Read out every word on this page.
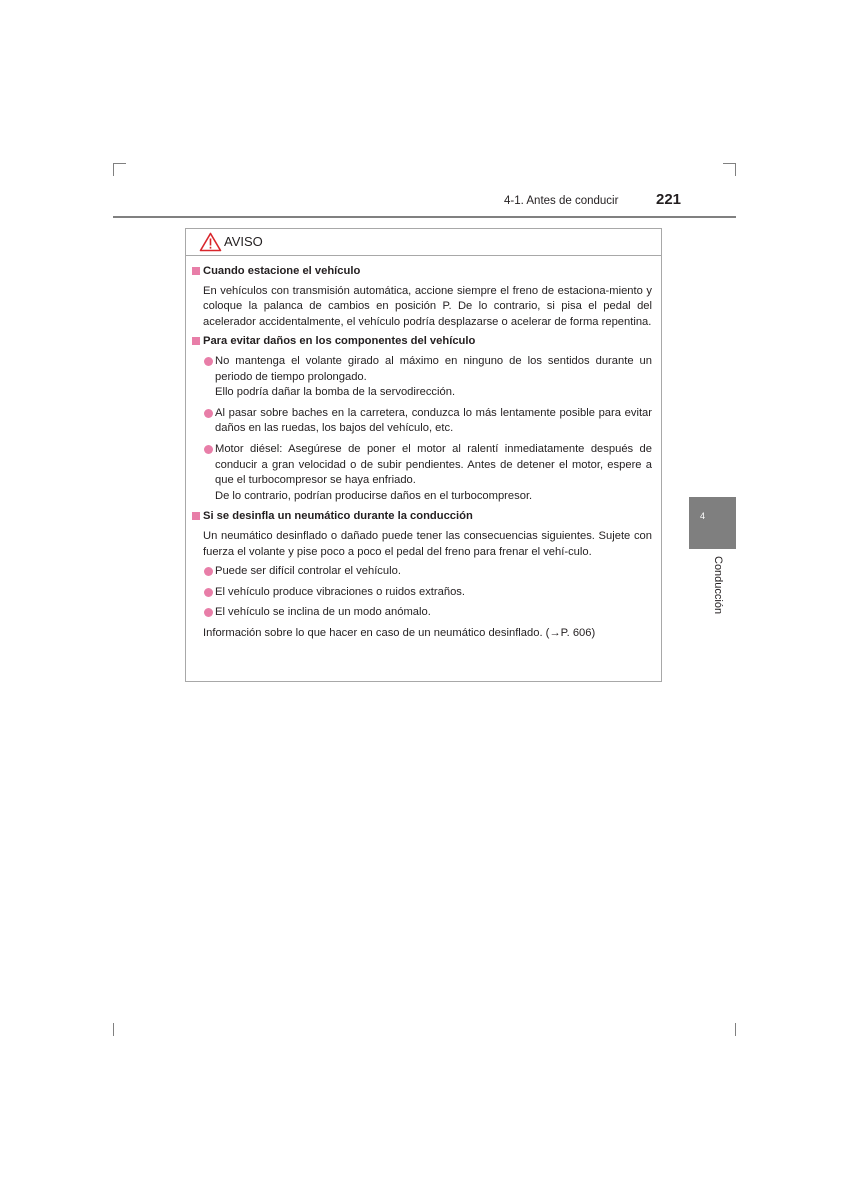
4-1. Antes de conducir	221
AVISO
Cuando estacione el vehículo
En vehículos con transmisión automática, accione siempre el freno de estaciona-miento y coloque la palanca de cambios en posición P. De lo contrario, si pisa el pedal del acelerador accidentalmente, el vehículo podría desplazarse o acelerar de forma repentina.
Para evitar daños en los componentes del vehículo
No mantenga el volante girado al máximo en ninguno de los sentidos durante un periodo de tiempo prolongado.
Ello podría dañar la bomba de la servodirección.
Al pasar sobre baches en la carretera, conduzca lo más lentamente posible para evitar daños en las ruedas, los bajos del vehículo, etc.
Motor diésel: Asegúrese de poner el motor al ralentí inmediatamente después de conducir a gran velocidad o de subir pendientes. Antes de detener el motor, espere a que el turbocompresor se haya enfriado.
De lo contrario, podrían producirse daños en el turbocompresor.
Si se desinfla un neumático durante la conducción
Un neumático desinflado o dañado puede tener las consecuencias siguientes. Sujete con fuerza el volante y pise poco a poco el pedal del freno para frenar el vehí-culo.
Puede ser difícil controlar el vehículo.
El vehículo produce vibraciones o ruidos extraños.
El vehículo se inclina de un modo anómalo.
Información sobre lo que hacer en caso de un neumático desinflado. (→P. 606)
4
Conducción
